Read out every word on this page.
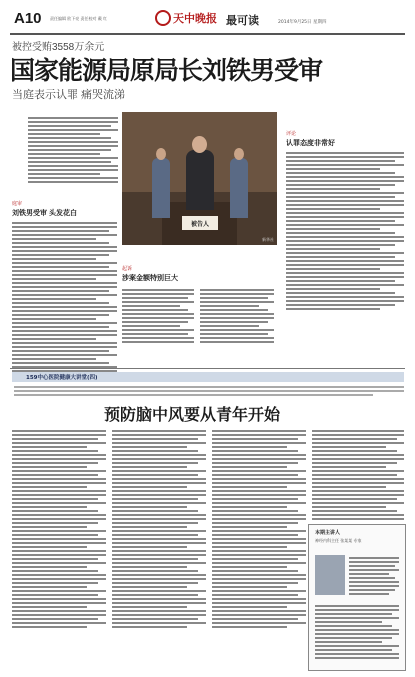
A10 责任编辑 欧下亮 责任校对 戴 红	天中晚报 最可读	2014年9月25日 星期四
被控受贿3558万余元
国家能源局原局长刘铁男受审
当庭表示认罪 痛哭流涕
被告人
新华社
庭审
刘铁男受审 头发花白
起诉
涉案金额特别巨大
评论
认罪态度非常好
159中心医院健康大讲堂(四)
预防脑中风要从青年开始
本期主讲人
神经内科主任 张某某 专家
